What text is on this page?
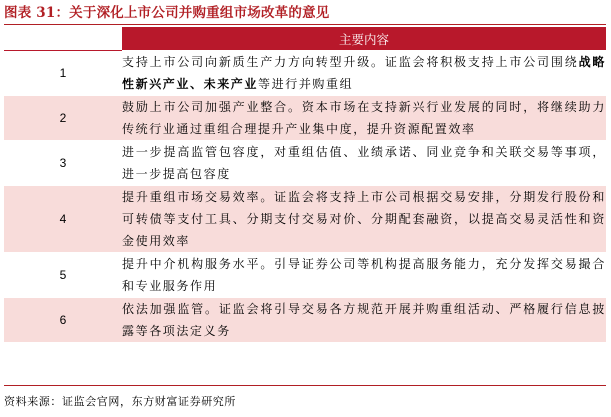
图表 31：关于深化上市公司并购重组市场改革的意见
	主要内容
1	支持上市公司向新质生产力方向转型升级。证监会将积极支持上市公司围绕战略性新兴产业、未来产业等进行并购重组
2	鼓励上市公司加强产业整合。资本市场在支持新兴行业发展的同时，将继续助力传统行业通过重组合理提升产业集中度，提升资源配置效率
3	进一步提高监管包容度，对重组估值、业绩承诺、同业竞争和关联交易等事项，进一步提高包容度
4	提升重组市场交易效率。证监会将支持上市公司根据交易安排，分期发行股份和可转债等支付工具、分期支付交易对价、分期配套融资，以提高交易灵活性和资金使用效率
5	提升中介机构服务水平。引导证券公司等机构提高服务能力，充分发挥交易撮合和专业服务作用
6	依法加强监管。证监会将引导交易各方规范开展并购重组活动、严格履行信息披露等各项法定义务
资料来源：证监会官网，东方财富证券研究所
